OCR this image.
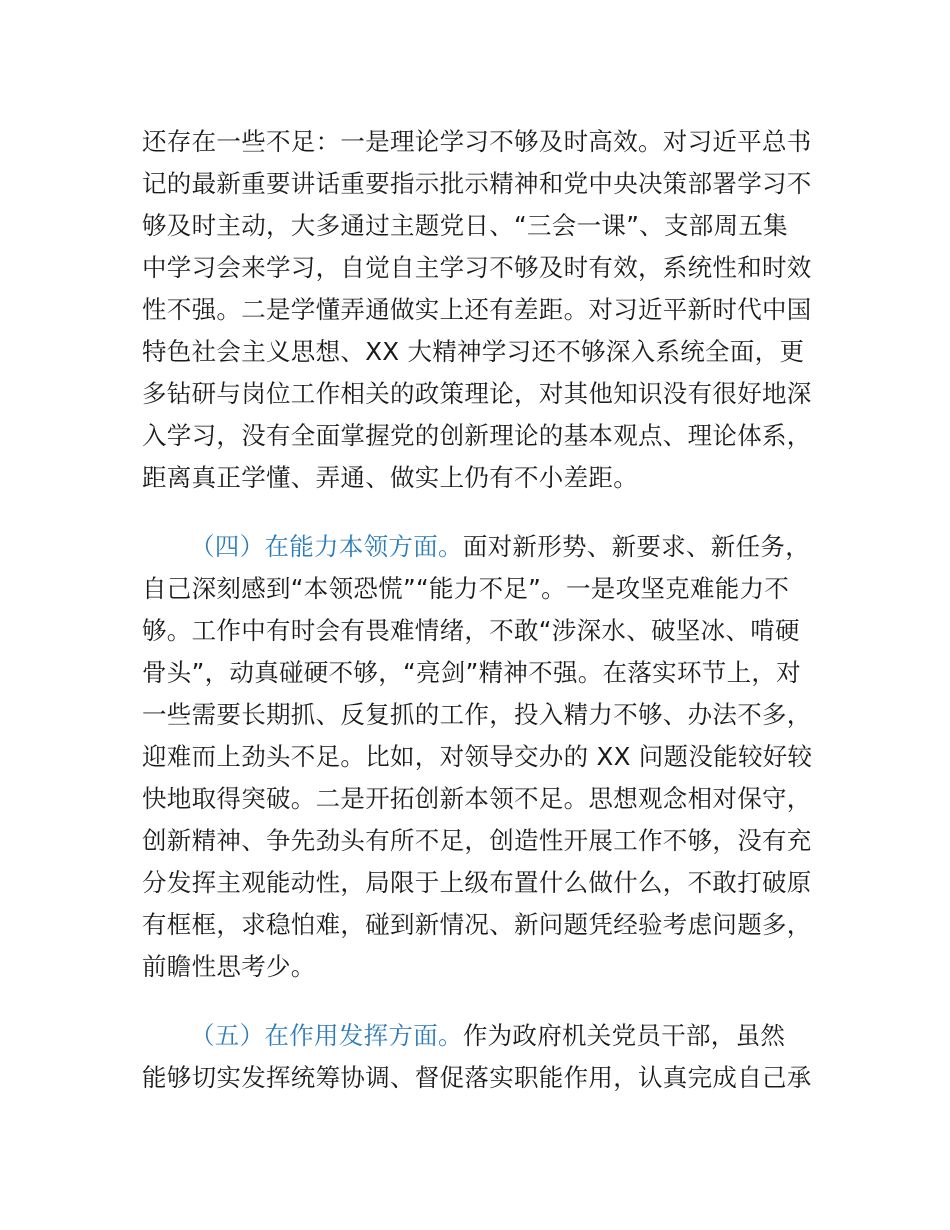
还存在一些不足：一是理论学习不够及时高效。对习近平总书
记的最新重要讲话重要指示批示精神和党中央决策部署学习不
够及时主动，大多通过主题党日、“三会一课”、支部周五集
中学习会来学习，自觉自主学习不够及时有效，系统性和时效
性不强。二是学懂弄通做实上还有差距。对习近平新时代中国
特色社会主义思想、XX 大精神学习还不够深入系统全面，更
多钻研与岗位工作相关的政策理论，对其他知识没有很好地深
入学习，没有全面掌握党的创新理论的基本观点、理论体系，
距离真正学懂、弄通、做实上仍有不小差距。
（四）在能力本领方面。面对新形势、新要求、新任务，
自己深刻感到“本领恐慌”“能力不足”。一是攻坚克难能力不
够。工作中有时会有畏难情绪，不敢“涉深水、破坚冰、啃硬
骨头”，动真碰硬不够，“亮剑”精神不强。在落实环节上，对
一些需要长期抓、反复抓的工作，投入精力不够、办法不多，
迎难而上劲头不足。比如，对领导交办的 XX 问题没能较好较
快地取得突破。二是开拓创新本领不足。思想观念相对保守，
创新精神、争先劲头有所不足，创造性开展工作不够，没有充
分发挥主观能动性，局限于上级布置什么做什么，不敢打破原
有框框，求稳怕难，碰到新情况、新问题凭经验考虑问题多，
前瞻性思考少。
（五）在作用发挥方面。作为政府机关党员干部，虽然
能够切实发挥统筹协调、督促落实职能作用，认真完成自己承
